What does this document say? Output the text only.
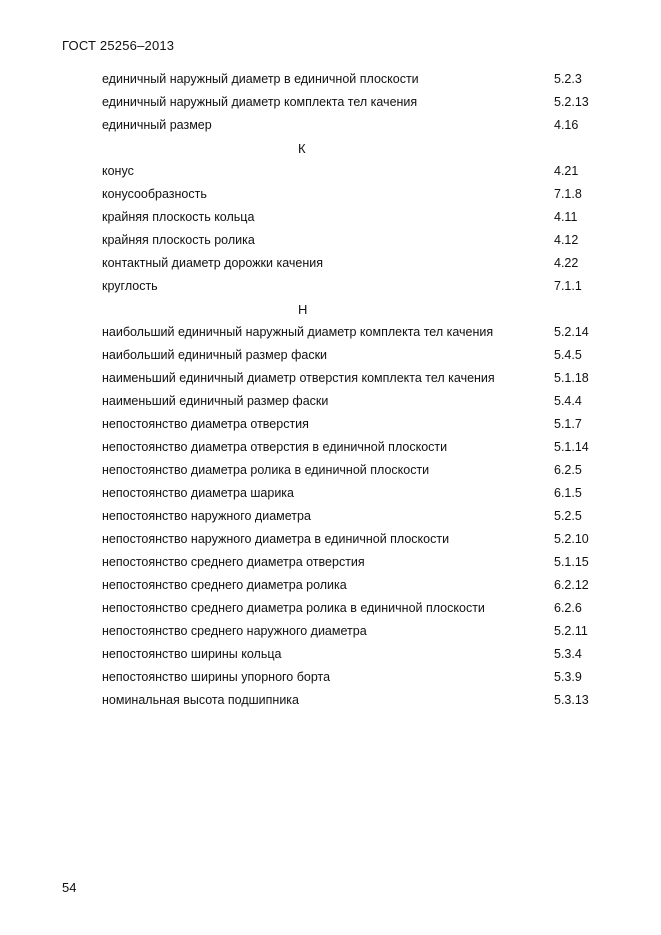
ГОСТ 25256–2013
единичный наружный диаметр в единичной плоскости	5.2.3
единичный наружный диаметр комплекта тел качения	5.2.13
единичный размер	4.16
К
конус	4.21
конусообразность	7.1.8
крайняя плоскость кольца	4.11
крайняя плоскость ролика	4.12
контактный диаметр дорожки качения	4.22
круглость	7.1.1
Н
наибольший единичный наружный диаметр комплекта тел качения	5.2.14
наибольший единичный размер фаски	5.4.5
наименьший единичный диаметр отверстия комплекта тел качения	5.1.18
наименьший единичный размер фаски	5.4.4
непостоянство диаметра отверстия	5.1.7
непостоянство диаметра отверстия в единичной плоскости	5.1.14
непостоянство диаметра ролика в единичной плоскости	6.2.5
непостоянство диаметра шарика	6.1.5
непостоянство наружного диаметра	5.2.5
непостоянство наружного диаметра в единичной плоскости	5.2.10
непостоянство среднего диаметра отверстия	5.1.15
непостоянство среднего диаметра ролика	6.2.12
непостоянство среднего диаметра ролика в единичной плоскости	6.2.6
непостоянство среднего наружного диаметра	5.2.11
непостоянство ширины кольца	5.3.4
непостоянство ширины упорного борта	5.3.9
номинальная высота подшипника	5.3.13
54
